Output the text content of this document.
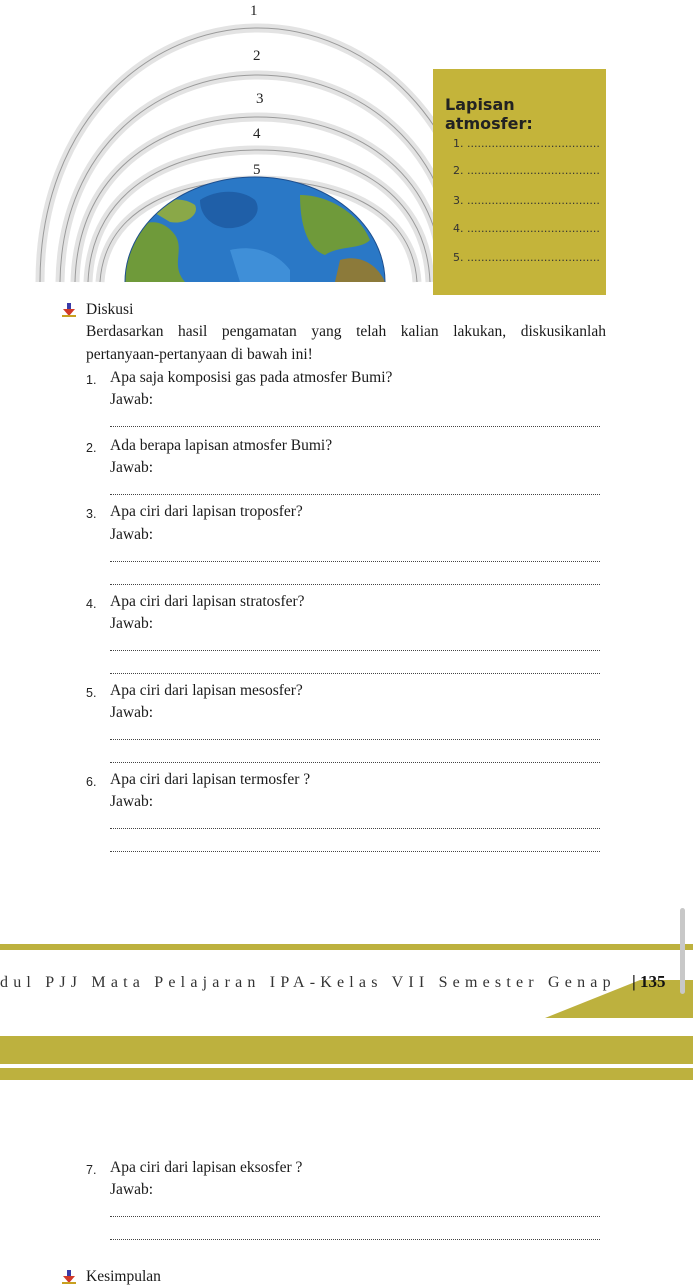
1
2
3
4
5
Lapisan atmosfer:
1. ......................................
2. ......................................
3. ......................................
4. ......................................
5. ......................................
Diskusi
Berdasarkan hasil pengamatan yang telah kalian lakukan, diskusikanlah
pertanyaan-pertanyaan di bawah ini!
1. Apa saja komposisi gas pada atmosfer Bumi?
Jawab:
2. Ada berapa lapisan atmosfer Bumi?
Jawab:
3. Apa ciri dari lapisan troposfer?
Jawab:
4. Apa ciri dari lapisan stratosfer?
Jawab:
5. Apa ciri dari lapisan mesosfer?
Jawab:
6. Apa ciri dari lapisan termosfer ?
Jawab:
dul PJJ Mata Pelajaran IPA-Kelas VII Semester Genap | 135
7. Apa ciri dari lapisan eksosfer ?
Jawab:
Kesimpulan
